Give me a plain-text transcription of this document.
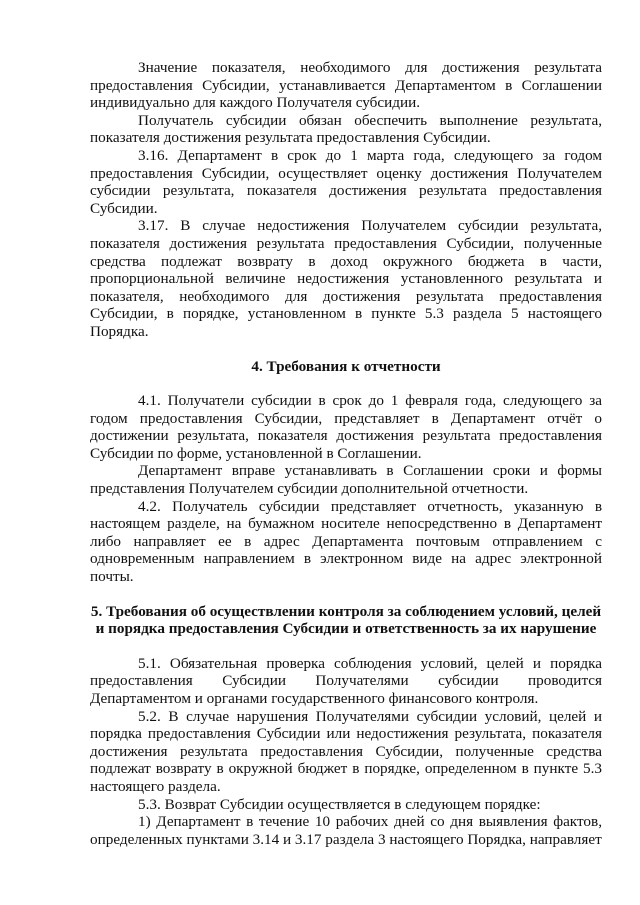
Значение показателя, необходимого для достижения результата предоставления Субсидии, устанавливается Департаментом в Соглашении индивидуально для каждого Получателя субсидии.

Получатель субсидии обязан обеспечить выполнение результата, показателя достижения результата предоставления Субсидии.

3.16. Департамент в срок до 1 марта года, следующего за годом предоставления Субсидии, осуществляет оценку достижения Получателем субсидии результата, показателя достижения результата предоставления Субсидии.

3.17. В случае недостижения Получателем субсидии результата, показателя достижения результата предоставления Субсидии, полученные средства подлежат возврату в доход окружного бюджета в части, пропорциональной величине недостижения установленного результата и показателя, необходимого для достижения результата предоставления Субсидии, в порядке, установленном в пункте 5.3 раздела 5 настоящего Порядка.

4. Требования к отчетности

4.1. Получатели субсидии в срок до 1 февраля года, следующего за годом предоставления Субсидии, представляет в Департамент отчёт о достижении результата, показателя достижения результата предоставления Субсидии по форме, установленной в Соглашении.

Департамент вправе устанавливать в Соглашении сроки и формы представления Получателем субсидии дополнительной отчетности.

4.2. Получатель субсидии представляет отчетность, указанную в настоящем разделе, на бумажном носителе непосредственно в Департамент либо направляет ее в адрес Департамента почтовым отправлением с одновременным направлением в электронном виде на адрес электронной почты.

5. Требования об осуществлении контроля за соблюдением условий, целей
и порядка предоставления Субсидии и ответственность за их нарушение

5.1. Обязательная проверка соблюдения условий, целей и порядка предоставления Субсидии Получателями субсидии проводится Департаментом и органами государственного финансового контроля.

5.2. В случае нарушения Получателями субсидии условий, целей и порядка предоставления Субсидии или недостижения результата, показателя достижения результата предоставления Субсидии, полученные средства подлежат возврату в окружной бюджет в порядке, определенном в пункте 5.3 настоящего раздела.

5.3. Возврат Субсидии осуществляется в следующем порядке:

1) Департамент в течение 10 рабочих дней со дня выявления фактов, определенных пунктами 3.14 и 3.17 раздела 3 настоящего Порядка, направляет
